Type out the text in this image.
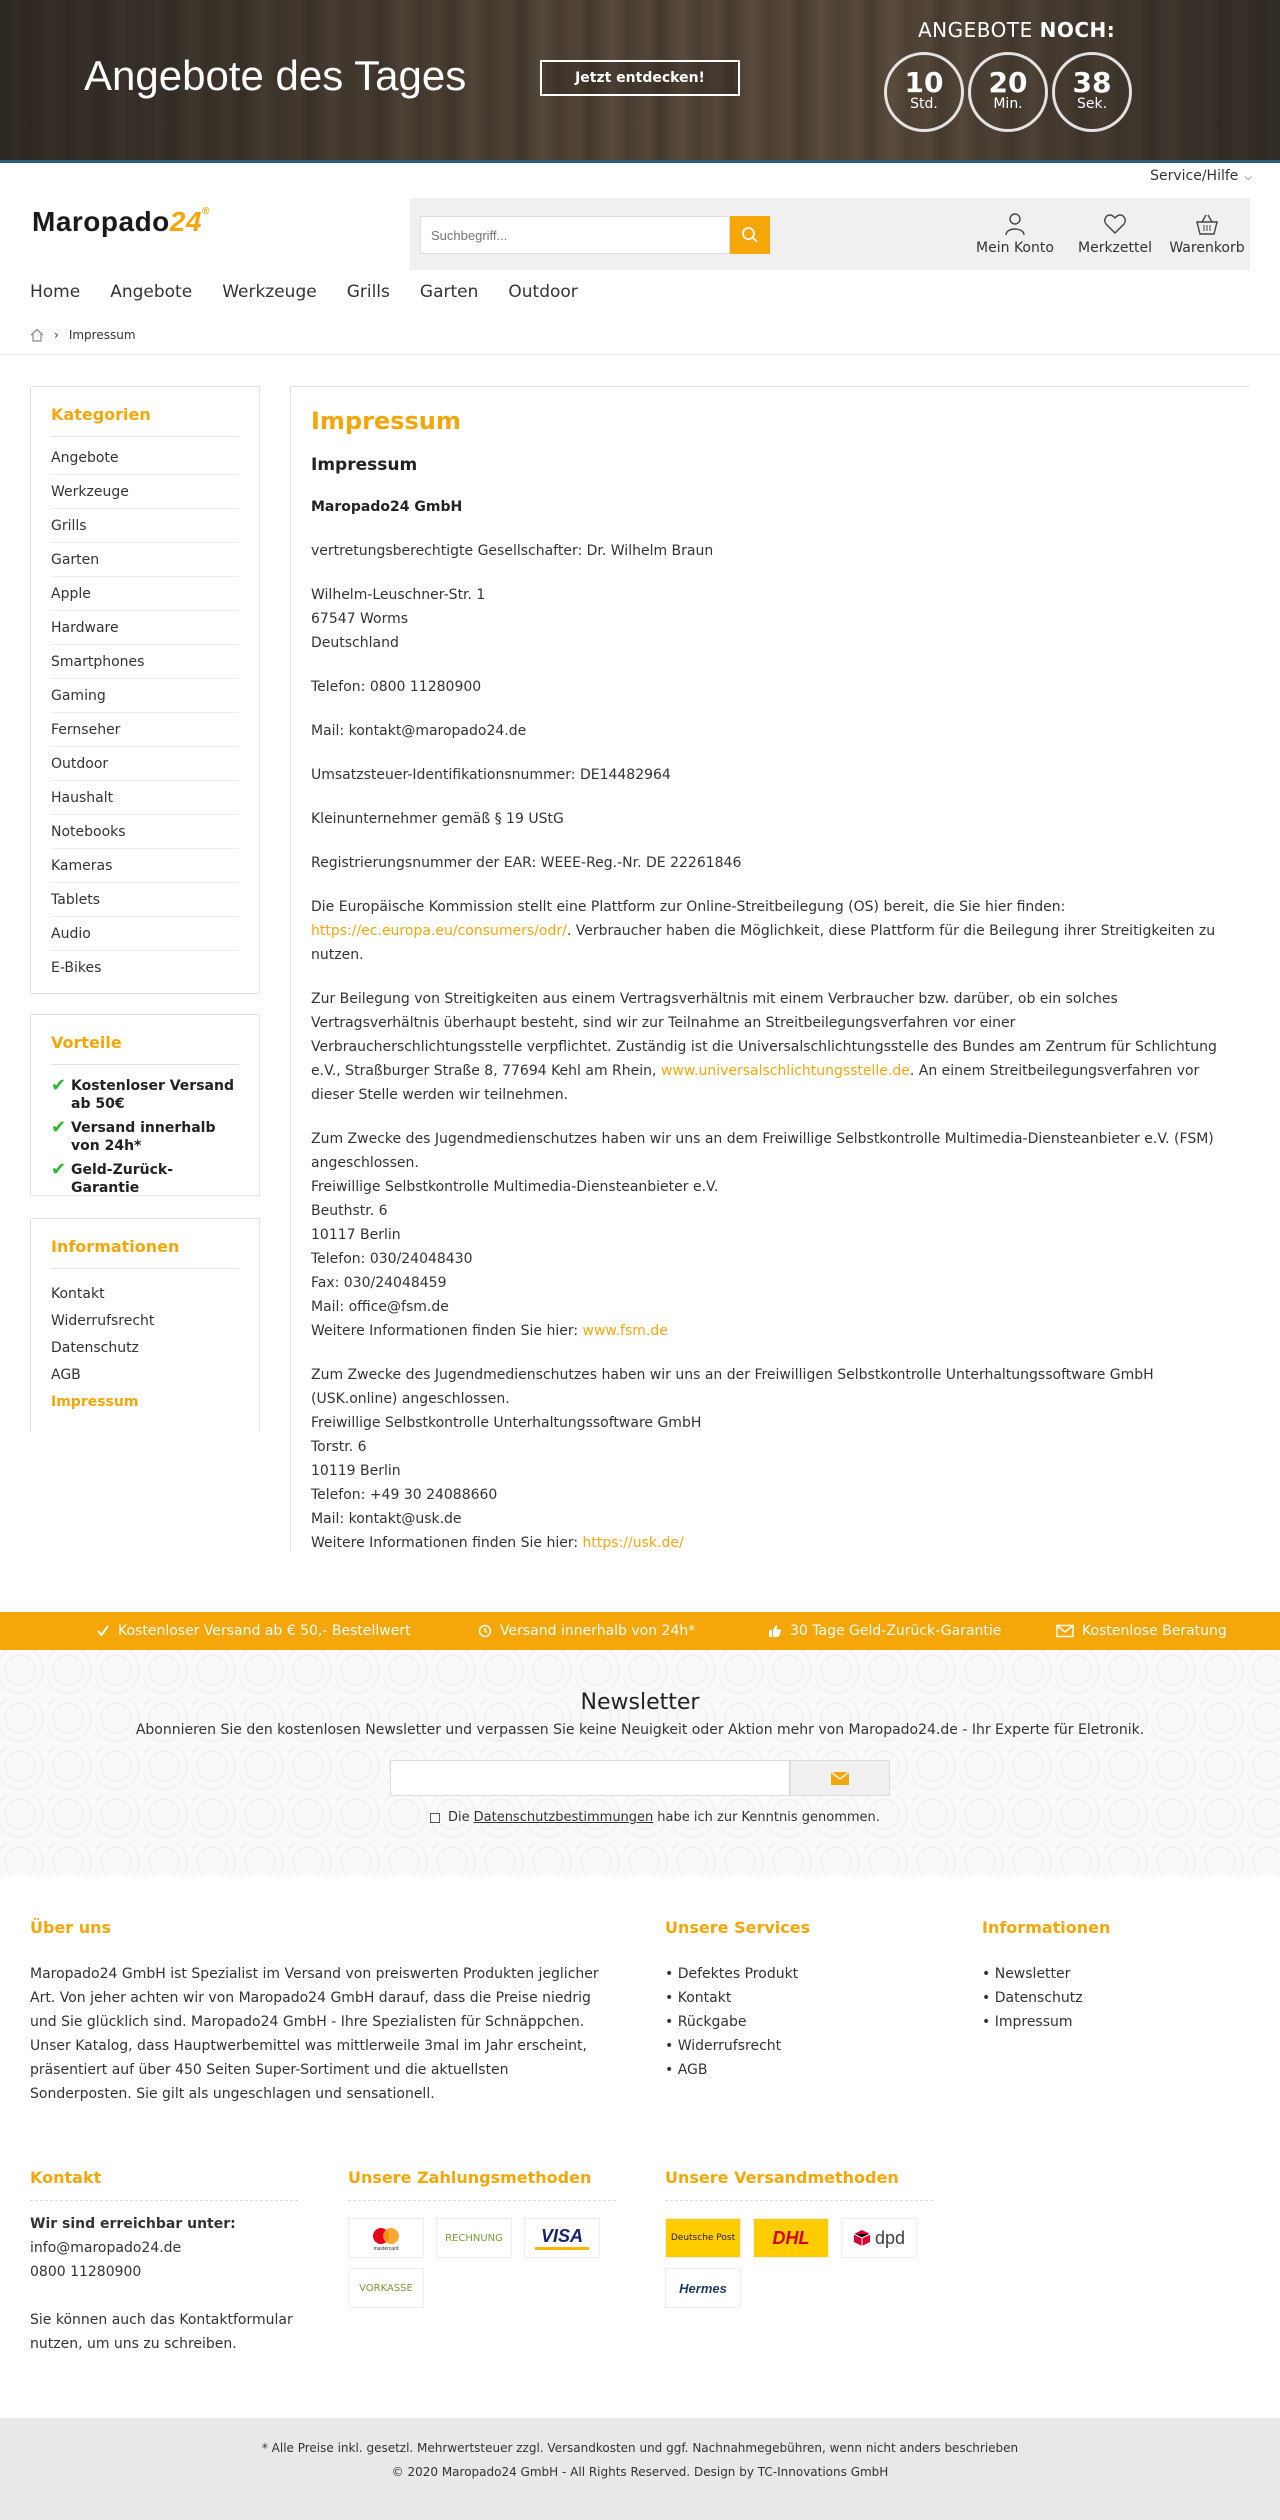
Angebote des Tages	Jetzt entdecken!
ANGEBOTE NOCH:
10
Std.
20
Min.
38
Sek.
Service/Hilfe ⌵
Maropado24®
Suchbegriff...
Mein Konto	Merkzettel	Warenkorb
Home Angebote Werkzeuge Grills Garten Outdoor
› Impressum
Kategorien
Angebote
Werkzeuge
Grills
Garten
Apple
Hardware
Smartphones
Gaming
Fernseher
Outdoor
Haushalt
Notebooks
Kameras
Tablets
Audio
E-Bikes
Vorteile
✔ Kostenloser Versand ab 50€
✔ Versand innerhalb von 24h*
✔ Geld-Zurück-Garantie
Informationen
Kontakt
Widerrufsrecht
Datenschutz
AGB
Impressum
Impressum
Impressum

Maropado24 GmbH

vertretungsberechtigte Gesellschafter: Dr. Wilhelm Braun

Wilhelm-Leuschner-Str. 1
67547 Worms
Deutschland

Telefon: 0800 11280900

Mail: kontakt@maropado24.de

Umsatzsteuer-Identifikationsnummer: DE14482964

Kleinunternehmer gemäß § 19 UStG

Registrierungsnummer der EAR: WEEE-Reg.-Nr. DE 22261846

Die Europäische Kommission stellt eine Plattform zur Online-Streitbeilegung (OS) bereit, die Sie hier finden: https://ec.europa.eu/consumers/odr/. Verbraucher haben die Möglichkeit, diese Plattform für die Beilegung ihrer Streitigkeiten zu nutzen.

Zur Beilegung von Streitigkeiten aus einem Vertragsverhältnis mit einem Verbraucher bzw. darüber, ob ein solches Vertragsverhältnis überhaupt besteht, sind wir zur Teilnahme an Streitbeilegungsverfahren vor einer Verbraucherschlichtungsstelle verpflichtet. Zuständig ist die Universalschlichtungsstelle des Bundes am Zentrum für Schlichtung e.V., Straßburger Straße 8, 77694 Kehl am Rhein, www.universalschlichtungsstelle.de. An einem Streitbeilegungsverfahren vor dieser Stelle werden wir teilnehmen.

Zum Zwecke des Jugendmedienschutzes haben wir uns an dem Freiwillige Selbstkontrolle Multimedia-Diensteanbieter e.V. (FSM) angeschlossen.
Freiwillige Selbstkontrolle Multimedia-Diensteanbieter e.V.
Beuthstr. 6
10117 Berlin
Telefon: 030/24048430
Fax: 030/24048459
Mail: office@fsm.de
Weitere Informationen finden Sie hier: www.fsm.de

Zum Zwecke des Jugendmedienschutzes haben wir uns an der Freiwilligen Selbstkontrolle Unterhaltungssoftware GmbH (USK.online) angeschlossen.
Freiwillige Selbstkontrolle Unterhaltungssoftware GmbH
Torstr. 6
10119 Berlin
Telefon: +49 30 24088660
Mail: kontakt@usk.de
Weitere Informationen finden Sie hier: https://usk.de/

Kostenloser Versand ab € 50,- Bestellwert	Versand innerhalb von 24h*	30 Tage Geld-Zurück-Garantie	Kostenlose Beratung
Newsletter
Abonnieren Sie den kostenlosen Newsletter und verpassen Sie keine Neuigkeit oder Aktion mehr von Maropado24.de - Ihr Experte für Eletronik.
Die Datenschutzbestimmungen habe ich zur Kenntnis genommen.
Über uns
Maropado24 GmbH ist Spezialist im Versand von preiswerten Produkten jeglicher Art. Von jeher achten wir von Maropado24 GmbH darauf, dass die Preise niedrig und Sie glücklich sind. Maropado24 GmbH - Ihre Spezialisten für Schnäppchen.
Unser Katalog, dass Hauptwerbemittel was mittlerweile 3mal im Jahr erscheint, präsentiert auf über 450 Seiten Super-Sortiment und die aktuellsten Sonderposten. Sie gilt als ungeschlagen und sensationell.
Unsere Services
• Defektes Produkt
• Kontakt
• Rückgabe
• Widerrufsrecht
• AGB
Informationen
• Newsletter
• Datenschutz
• Impressum
Kontakt
Wir sind erreichbar unter:
info@maropado24.de
0800 11280900

Sie können auch das Kontaktformular nutzen, um uns zu schreiben.
Unsere Zahlungsmethoden
mastercard
RECHNUNG	VISA
VORKASSE
Unsere Versandmethoden
Deutsche Post DHL	dpd
Hermes
* Alle Preise inkl. gesetzl. Mehrwertsteuer zzgl. Versandkosten und ggf. Nachnahmegebühren, wenn nicht anders beschrieben
© 2020 Maropado24 GmbH - All Rights Reserved. Design by TC-Innovations GmbH
